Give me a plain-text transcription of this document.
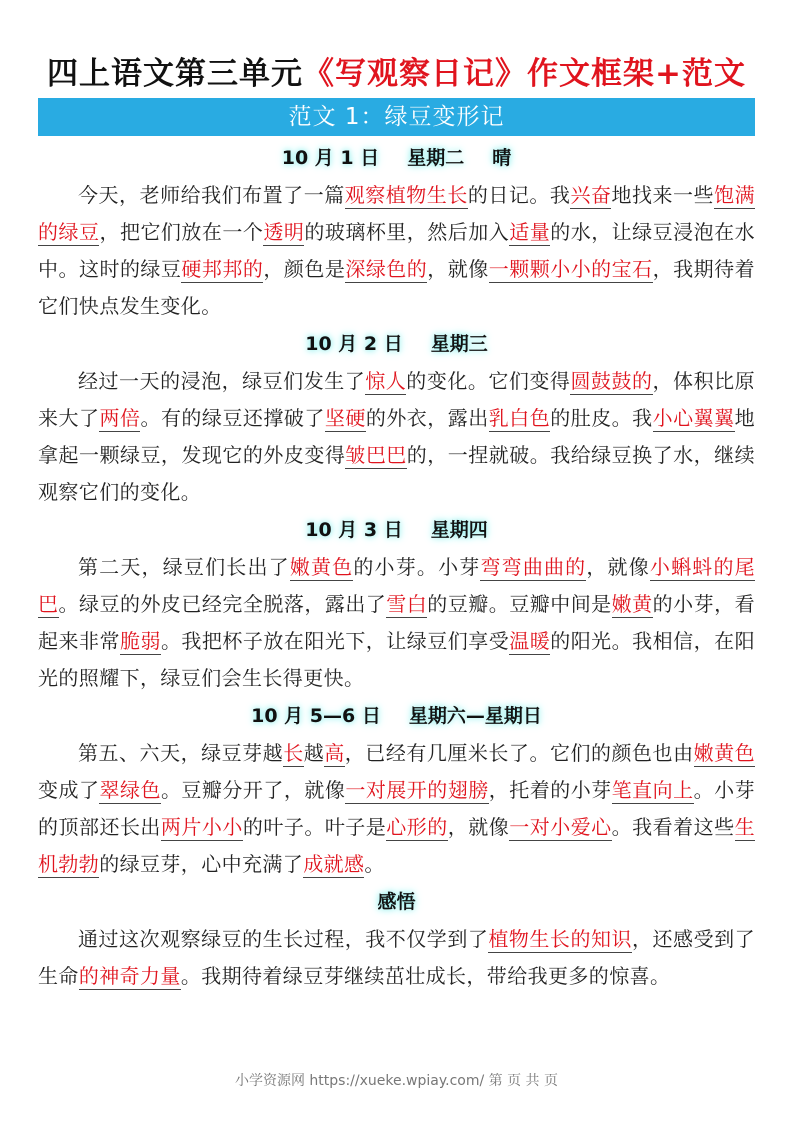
四上语文第三单元《写观察日记》作文框架+范文
范文 1：绿豆变形记
10 月 1 日 星期二 晴

今天，老师给我们布置了一篇观察植物生长的日记。我兴奋地找来一些饱满的绿豆，把它们放在一个透明的玻璃杯里，然后加入适量的水，让绿豆浸泡在水中。这时的绿豆硬邦邦的，颜色是深绿色的，就像一颗颗小小的宝石，我期待着它们快点发生变化。

10 月 2 日 星期三

经过一天的浸泡，绿豆们发生了惊人的变化。它们变得圆鼓鼓的，体积比原来大了两倍。有的绿豆还撑破了坚硬的外衣，露出乳白色的肚皮。我小心翼翼地拿起一颗绿豆，发现它的外皮变得皱巴巴的，一捏就破。我给绿豆换了水，继续观察它们的变化。

10 月 3 日 星期四

第二天，绿豆们长出了嫩黄色的小芽。小芽弯弯曲曲的，就像小蝌蚪的尾巴。绿豆的外皮已经完全脱落，露出了雪白的豆瓣。豆瓣中间是嫩黄的小芽，看起来非常脆弱。我把杯子放在阳光下，让绿豆们享受温暖的阳光。我相信，在阳光的照耀下，绿豆们会生长得更快。

10 月 5—6 日 星期六—星期日

第五、六天，绿豆芽越长越高，已经有几厘米长了。它们的颜色也由嫩黄色变成了翠绿色。豆瓣分开了，就像一对展开的翅膀，托着的小芽笔直向上。小芽的顶部还长出两片小小的叶子。叶子是心形的，就像一对小爱心。我看着这些生机勃勃的绿豆芽，心中充满了成就感。

感悟

通过这次观察绿豆的生长过程，我不仅学到了植物生长的知识，还感受到了生命的神奇力量。我期待着绿豆芽继续茁壮成长，带给我更多的惊喜。

小学资源网 https://xueke.wpiay.com/ 第 页 共 页
